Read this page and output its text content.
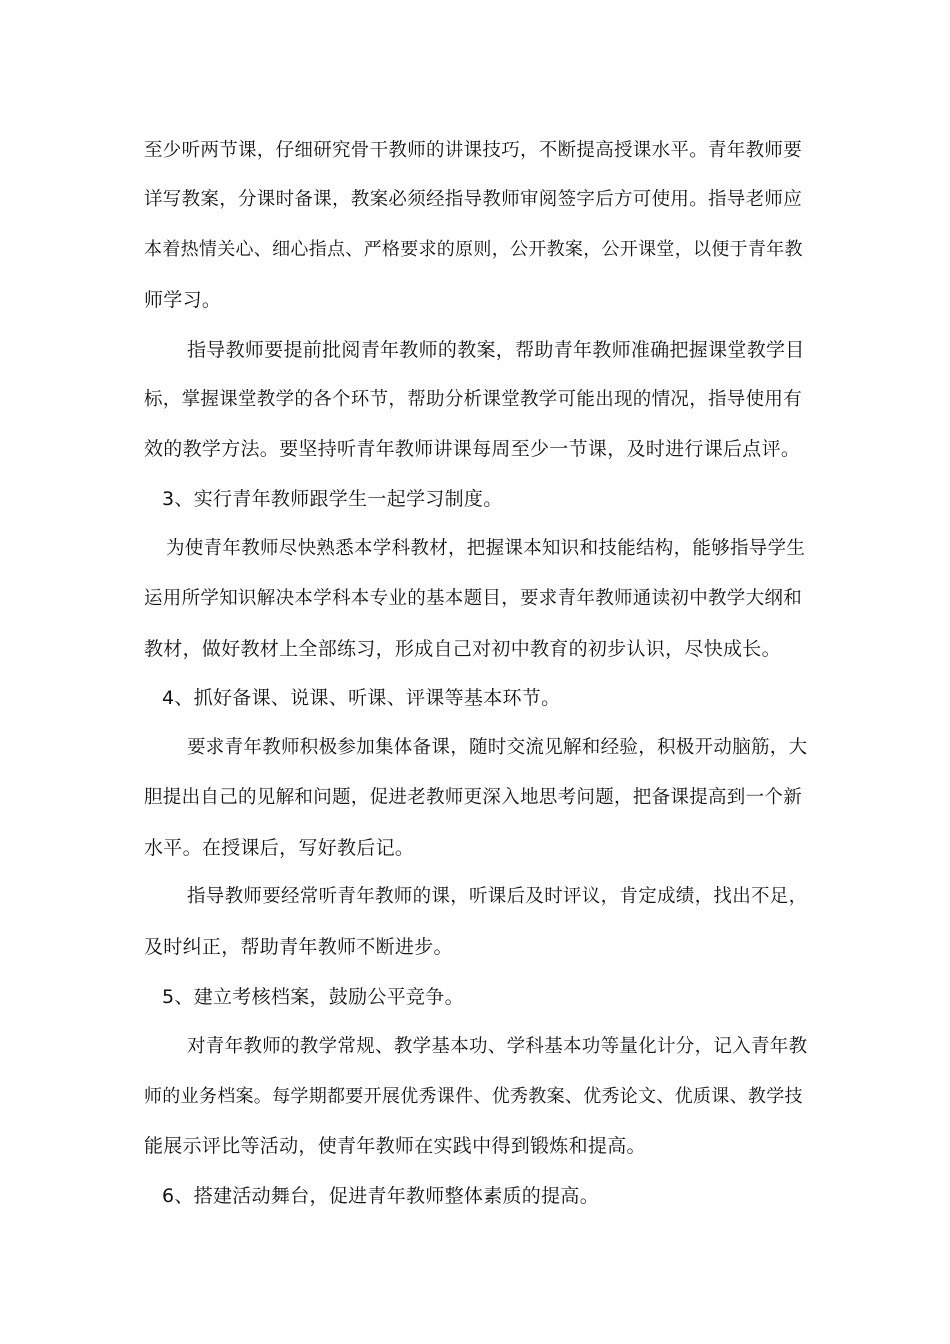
至少听两节课，仔细研究骨干教师的讲课技巧，不断提高授课水平。青年教师要
详写教案，分课时备课，教案必须经指导教师审阅签字后方可使用。指导老师应
本着热情关心、细心指点、严格要求的原则，公开教案，公开课堂，以便于青年教
师学习。
指导教师要提前批阅青年教师的教案，帮助青年教师准确把握课堂教学目
标，掌握课堂教学的各个环节，帮助分析课堂教学可能出现的情况，指导使用有
效的教学方法。要坚持听青年教师讲课每周至少一节课，及时进行课后点评。
3、实行青年教师跟学生一起学习制度。
为使青年教师尽快熟悉本学科教材，把握课本知识和技能结构，能够指导学生
运用所学知识解决本学科本专业的基本题目，要求青年教师通读初中教学大纲和
教材，做好教材上全部练习，形成自己对初中教育的初步认识，尽快成长。
4、抓好备课、说课、听课、评课等基本环节。
要求青年教师积极参加集体备课，随时交流见解和经验，积极开动脑筋，大
胆提出自己的见解和问题，促进老教师更深入地思考问题，把备课提高到一个新
水平。在授课后，写好教后记。
指导教师要经常听青年教师的课，听课后及时评议，肯定成绩，找出不足，
及时纠正，帮助青年教师不断进步。
5、建立考核档案，鼓励公平竞争。
对青年教师的教学常规、教学基本功、学科基本功等量化计分，记入青年教
师的业务档案。每学期都要开展优秀课件、优秀教案、优秀论文、优质课、教学技
能展示评比等活动，使青年教师在实践中得到锻炼和提高。
6、搭建活动舞台，促进青年教师整体素质的提高。
